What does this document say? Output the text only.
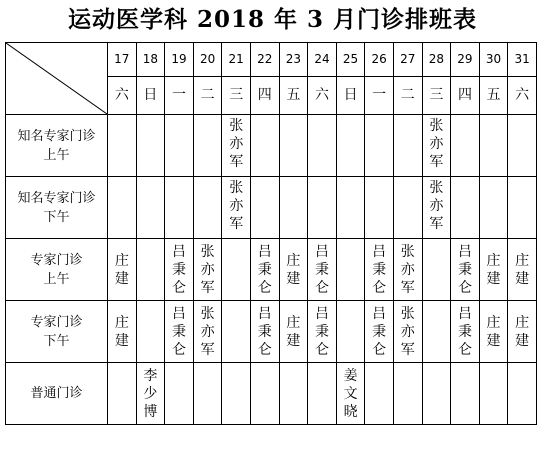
运动医学科 2018 年 3 月门诊排班表
	17	18	19	20	21	22	23	24	25	26	27	28	29	30	31
	六	日	一	二	三	四	五	六	日	一	二	三	四	五	六

知名专家门诊
上午					张亦军							张亦军			

知名专家门诊
下午					张亦军							张亦军			

专家门诊
上午	庄建		吕秉仑	张亦军		吕秉仑	庄建	吕秉仑		吕秉仑	张亦军		吕秉仑	庄建	庄建

专家门诊
下午	庄建		吕秉仑	张亦军		吕秉仑	庄建	吕秉仑		吕秉仑	张亦军		吕秉仑	庄建	庄建

普通门诊		李少博							姜文晓						
